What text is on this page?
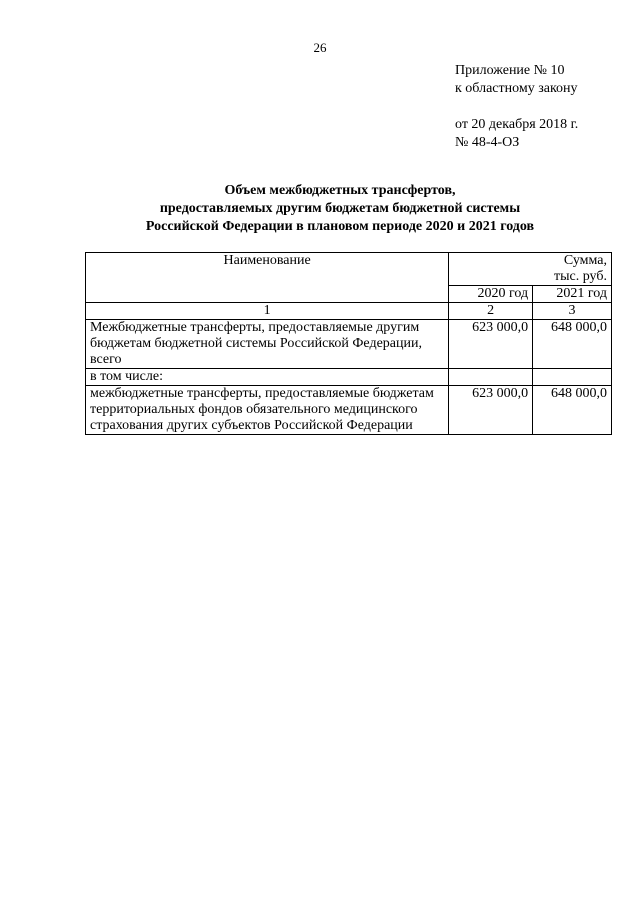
26
Приложение № 10
к областному закону
от 20 декабря 2018 г.
№ 48-4-ОЗ
Объем межбюджетных трансфертов,
предоставляемых другим бюджетам бюджетной системы
Российской Федерации в плановом периоде 2020 и 2021 годов
Наименование	Сумма,
тыс. руб.	

	2020 год	2021 год
1	2	3
Межбюджетные трансферты, предоставляемые другим бюджетам бюджетной системы Российской Федерации, всего	623 000,0	648 000,0
в том числе:		
межбюджетные трансферты, предоставляемые бюджетам территориальных фондов обязательного медицинского страхования других субъектов Российской Федерации	623 000,0	648 000,0
